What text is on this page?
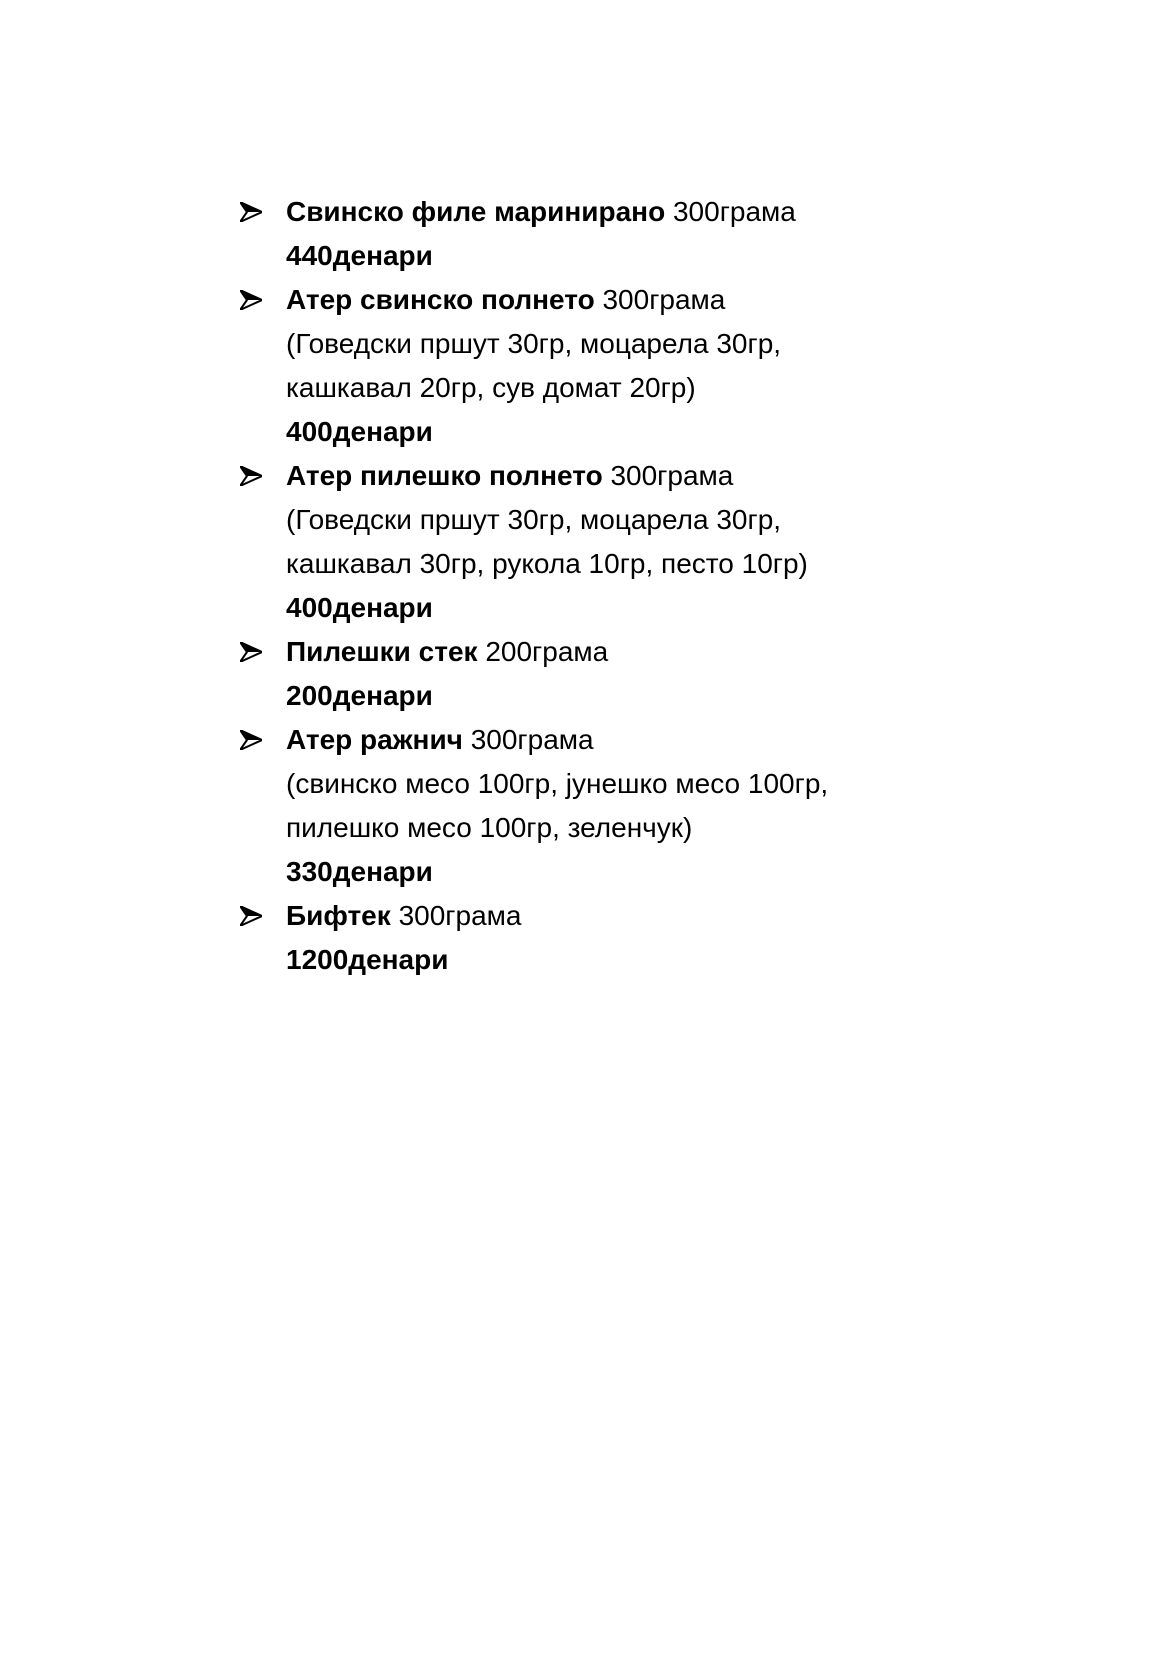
Свинско филе маринирано 300грама
440денари
Атер свинско полнето 300грама
(Говедски пршут 30гр, моцарела 30гр,
кашкавал 20гр, сув домат 20гр)
400денари
Атер пилешко полнето 300грама
(Говедски пршут 30гр, моцарела 30гр,
кашкавал 30гр, рукола 10гр, песто 10гр)
400денари
Пилешки стек 200грама
200денари
Атер ражнич 300грама
(свинско месо 100гр, јунешко месо 100гр,
пилешко месо 100гр, зеленчук)
330денари
Бифтек 300грама
1200денари
